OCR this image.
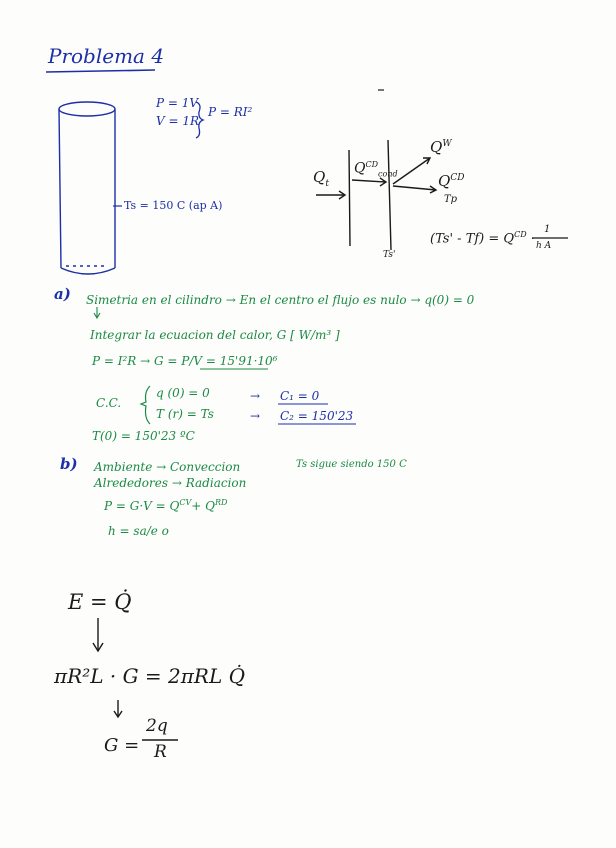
Problema 4
P = 1V
V = 1R
P = RI²
Ts = 150 C (ap A)
$Q_t$
$Q^{CD}_{cond}$
$Q^W$
$Q^{CD}$
Tp
Ts'
$(Ts' - Tf) = Q^{CD}$ ·
1
h A
a) Simetria en el cilindro → En el centro el flujo es nulo → q(0) = 0
Integrar la ecuacion del calor, G [ W/m³ ]
P = I²R → G = P/V = 15'91·10⁶
C.C.
q (0) = 0	→ C₁ = 0
T (r) = Ts	→ C₂ = 150'23
T(0) = 150'23 ºC
b) Ambiente → Conveccion	Ts sigue siendo 150 C
Alrededores → Radiacion
$P = G\cdot V = Q^{CV}+ Q^{RD}$
h = sa/e o
E = Q̇
πR²L · G = 2πRL Q̇
G =
2q
R
